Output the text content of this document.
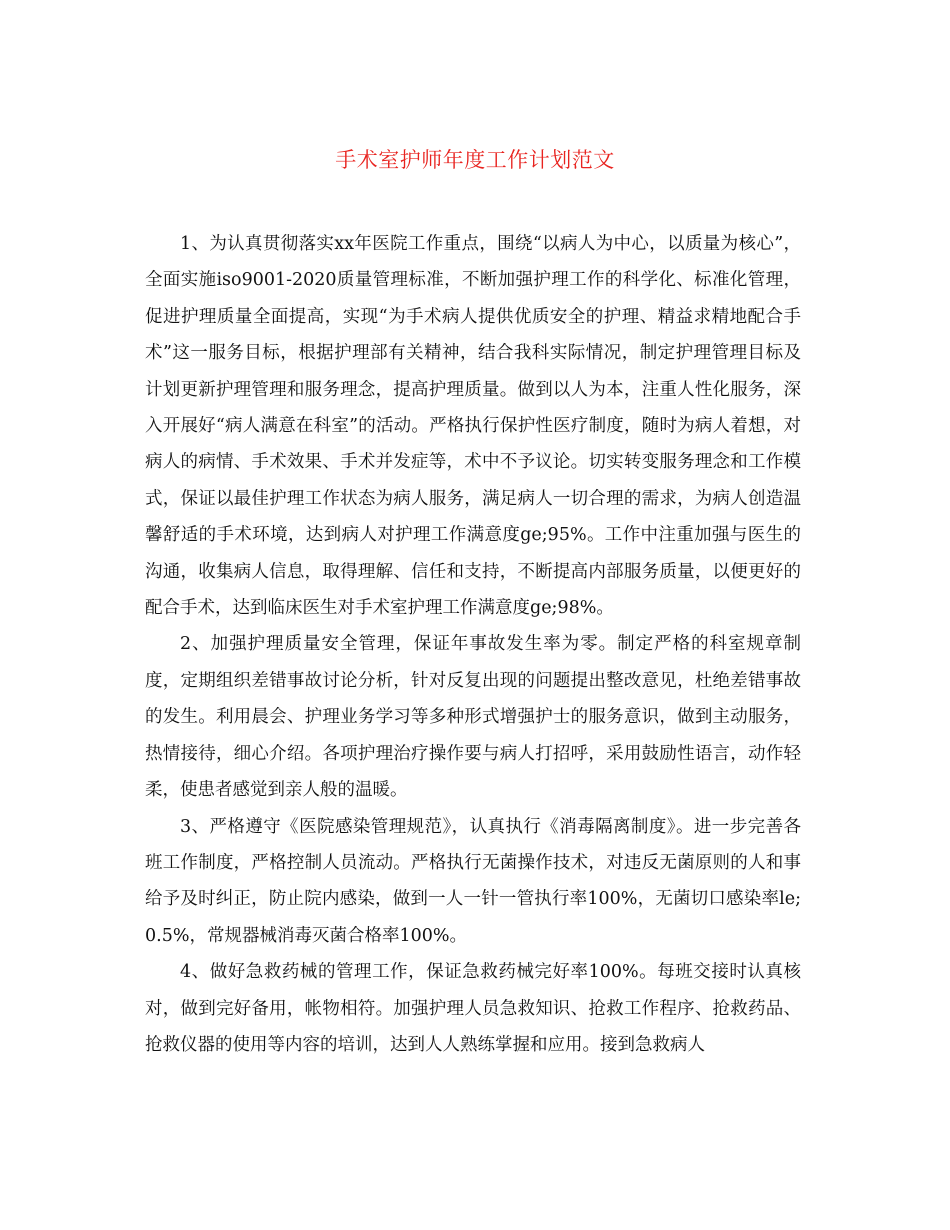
手术室护师年度工作计划范文

1、为认真贯彻落实xx年医院工作重点，围绕“以病人为中心，以质量为核心”，全面实施iso9001-2020质量管理标准，不断加强护理工作的科学化、标准化管理，促进护理质量全面提高，实现“为手术病人提供优质安全的护理、精益求精地配合手术”这一服务目标，根据护理部有关精神，结合我科实际情况，制定护理管理目标及计划更新护理管理和服务理念，提高护理质量。做到以人为本，注重人性化服务，深入开展好“病人满意在科室”的活动。严格执行保护性医疗制度，随时为病人着想，对病人的病情、手术效果、手术并发症等，术中不予议论。切实转变服务理念和工作模式，保证以最佳护理工作状态为病人服务，满足病人一切合理的需求，为病人创造温馨舒适的手术环境，达到病人对护理工作满意度ge;95%。工作中注重加强与医生的沟通，收集病人信息，取得理解、信任和支持，不断提高内部服务质量，以便更好的配合手术，达到临床医生对手术室护理工作满意度ge;98%。

2、加强护理质量安全管理，保证年事故发生率为零。制定严格的科室规章制度，定期组织差错事故讨论分析，针对反复出现的问题提出整改意见，杜绝差错事故的发生。利用晨会、护理业务学习等多种形式增强护士的服务意识，做到主动服务，热情接待，细心介绍。各项护理治疗操作要与病人打招呼，采用鼓励性语言，动作轻柔，使患者感觉到亲人般的温暖。

3、严格遵守《医院感染管理规范》，认真执行《消毒隔离制度》。进一步完善各班工作制度，严格控制人员流动。严格执行无菌操作技术，对违反无菌原则的人和事给予及时纠正，防止院内感染，做到一人一针一管执行率100%，无菌切口感染率le;0.5%，常规器械消毒灭菌合格率100%。

4、做好急救药械的管理工作，保证急救药械完好率100%。每班交接时认真核对，做到完好备用，帐物相符。加强护理人员急救知识、抢救工作程序、抢救药品、抢救仪器的使用等内容的培训，达到人人熟练掌握和应用。接到急救病人
